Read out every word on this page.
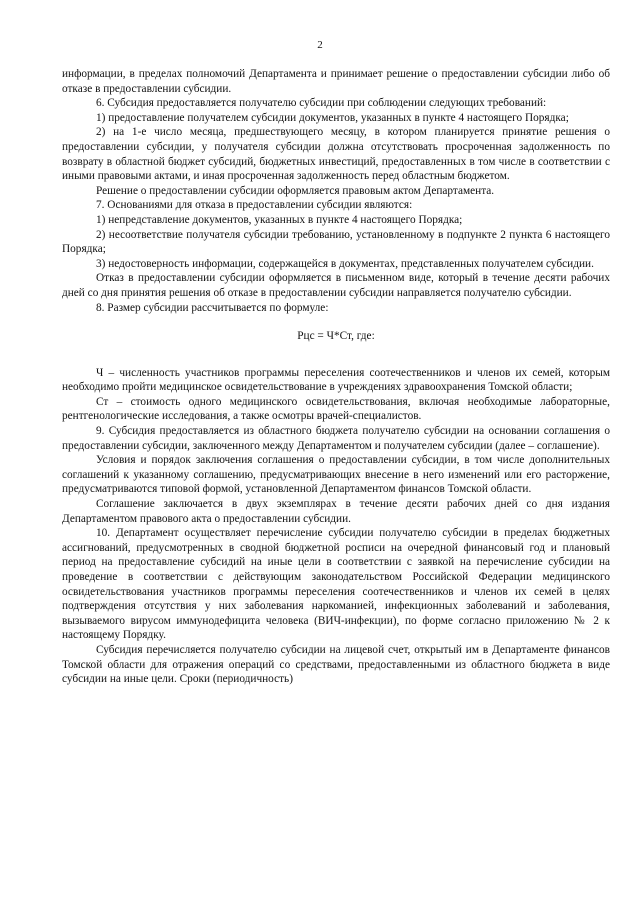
2

информации, в пределах полномочий Департамента и принимает решение о предоставлении субсидии либо об отказе в предоставлении субсидии.

6. Субсидия предоставляется получателю субсидии при соблюдении следующих требований:

1) предоставление получателем субсидии документов, указанных в пункте 4 настоящего Порядка;

2) на 1-е число месяца, предшествующего месяцу, в котором планируется принятие решения о предоставлении субсидии, у получателя субсидии должна отсутствовать просроченная задолженность по возврату в областной бюджет субсидий, бюджетных инвестиций, предоставленных в том числе в соответствии с иными правовыми актами, и иная просроченная задолженность перед областным бюджетом.

Решение о предоставлении субсидии оформляется правовым актом Департамента.

7. Основаниями для отказа в предоставлении субсидии являются:

1) непредставление документов, указанных в пункте 4 настоящего Порядка;

2) несоответствие получателя субсидии требованию, установленному в подпункте 2 пункта 6 настоящего Порядка;

3) недостоверность информации, содержащейся в документах, представленных получателем субсидии.

Отказ в предоставлении субсидии оформляется в письменном виде, который в течение десяти рабочих дней со дня принятия решения об отказе в предоставлении субсидии направляется получателю субсидии.

8. Размер субсидии рассчитывается по формуле:

Рцс = Ч*Ст, где:

Ч – численность участников программы переселения соотечественников и членов их семей, которым необходимо пройти медицинское освидетельствование в учреждениях здравоохранения Томской области;

Ст – стоимость одного медицинского освидетельствования, включая необходимые лабораторные, рентгенологические исследования, а также осмотры врачей-специалистов.

9. Субсидия предоставляется из областного бюджета получателю субсидии на основании соглашения о предоставлении субсидии, заключенного между Департаментом и получателем субсидии (далее – соглашение).

Условия и порядок заключения соглашения о предоставлении субсидии, в том числе дополнительных соглашений к указанному соглашению, предусматривающих внесение в него изменений или его расторжение, предусматриваются типовой формой, установленной Департаментом финансов Томской области.

Соглашение заключается в двух экземплярах в течение десяти рабочих дней со дня издания Департаментом правового акта о предоставлении субсидии.

10. Департамент осуществляет перечисление субсидии получателю субсидии в пределах бюджетных ассигнований, предусмотренных в сводной бюджетной росписи на очередной финансовый год и плановый период на предоставление субсидий на иные цели в соответствии с заявкой на перечисление субсидии на проведение в соответствии с действующим законодательством Российской Федерации медицинского освидетельствования участников программы переселения соотечественников и членов их семей в целях подтверждения отсутствия у них заболевания наркоманией, инфекционных заболеваний и заболевания, вызываемого вирусом иммунодефицита человека (ВИЧ-инфекции), по форме согласно приложению № 2 к настоящему Порядку.

Субсидия перечисляется получателю субсидии на лицевой счет, открытый им в Департаменте финансов Томской области для отражения операций со средствами, предоставленными из областного бюджета в виде субсидии на иные цели. Сроки (периодичность)
